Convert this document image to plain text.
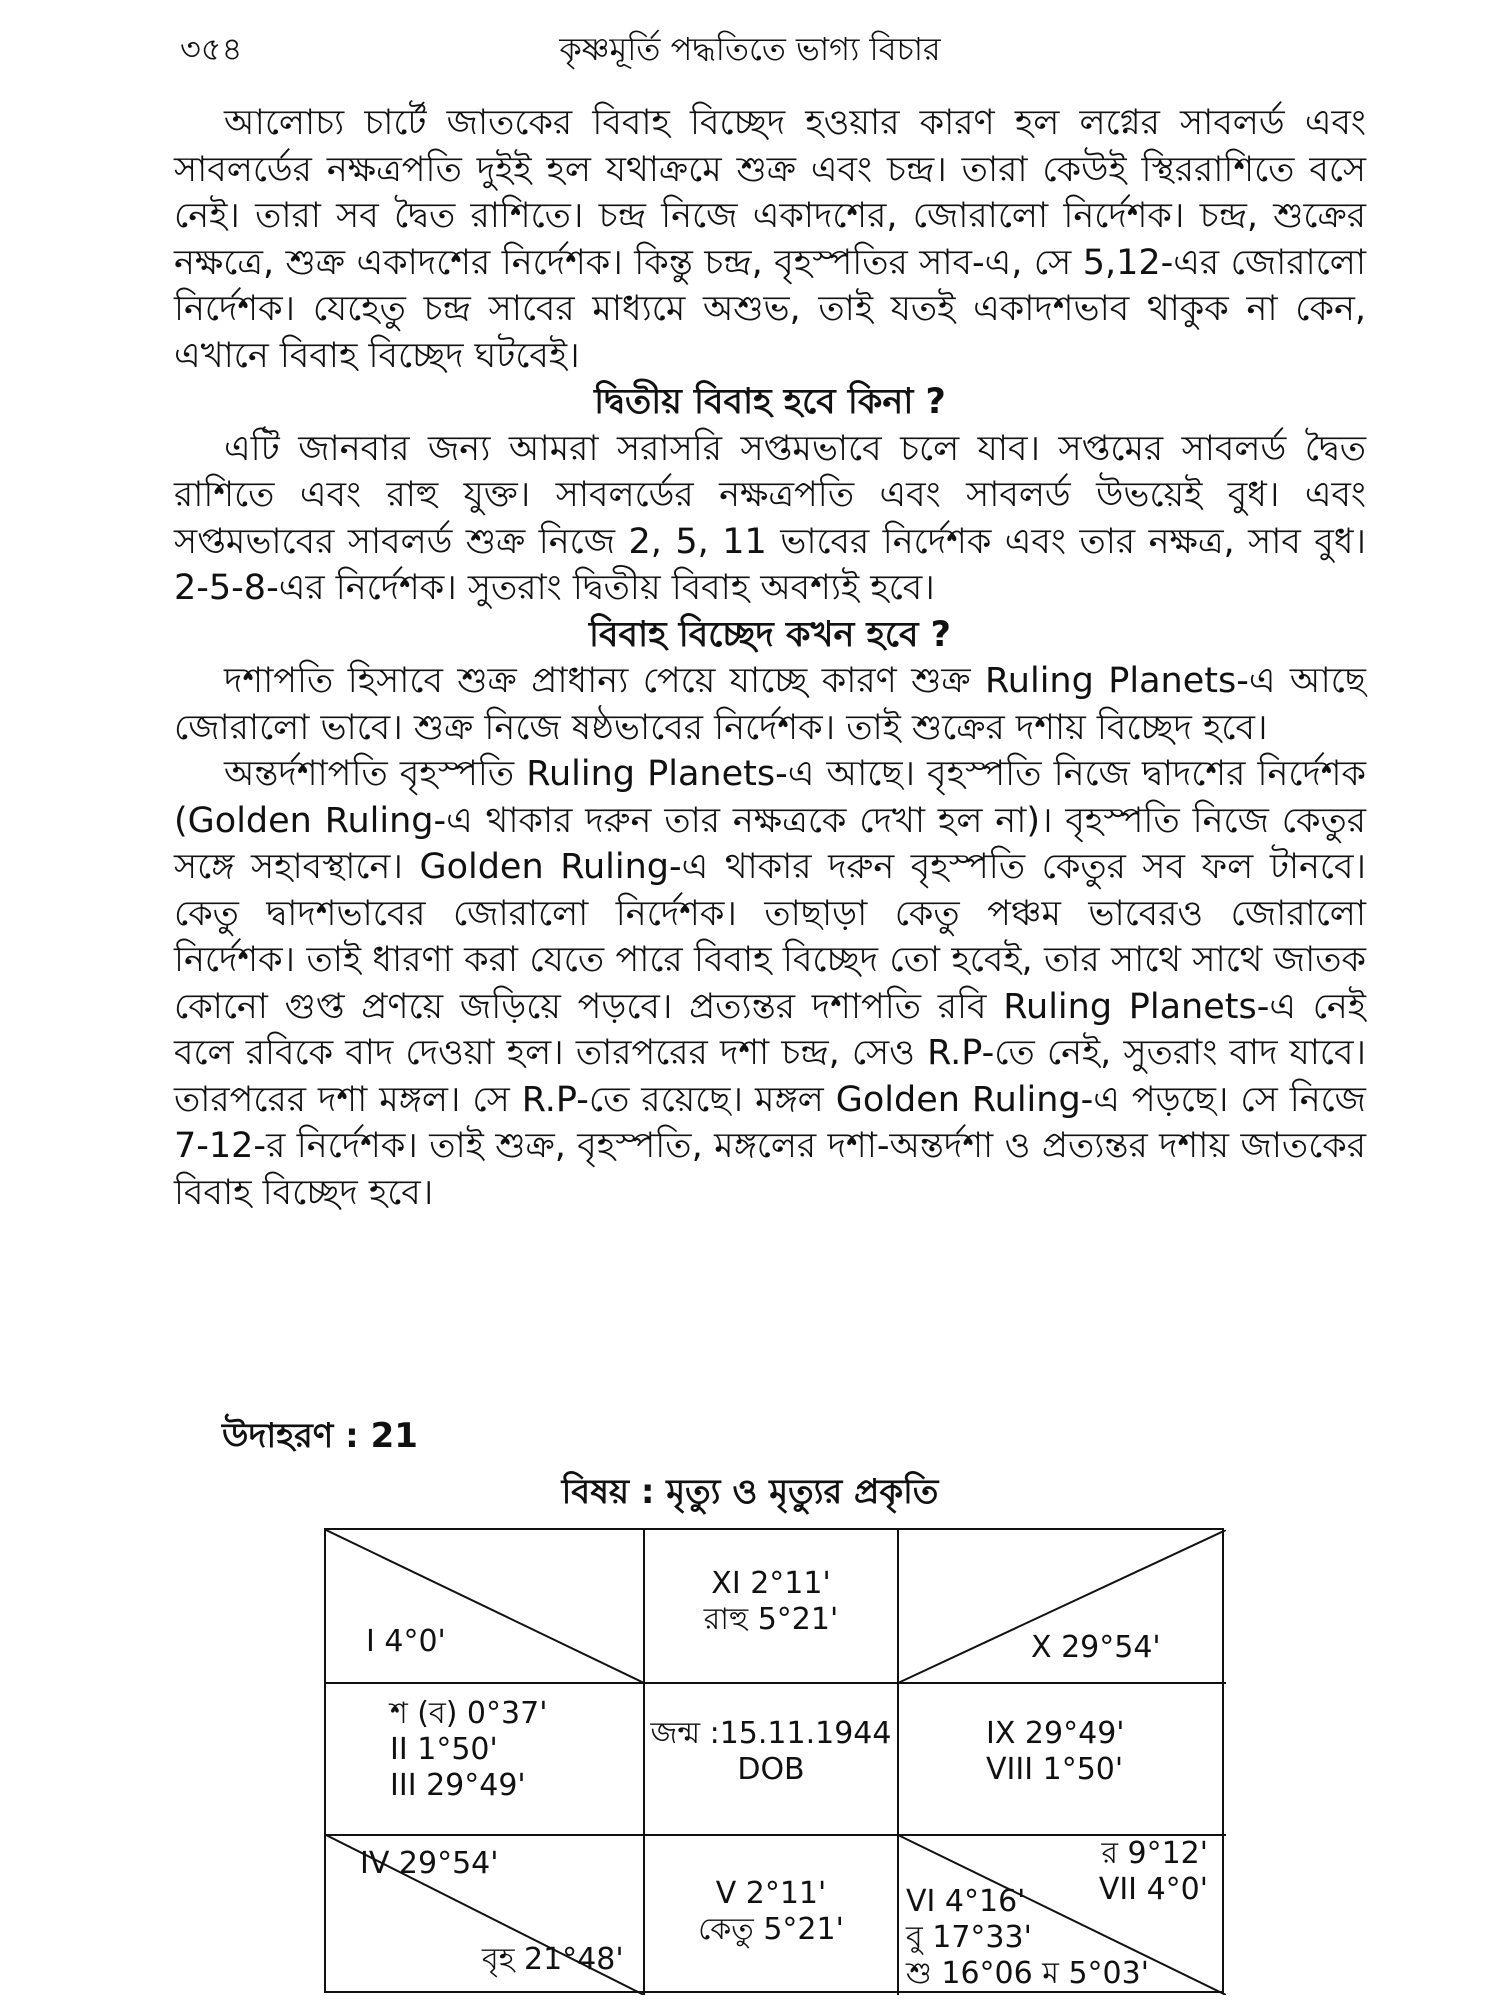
৩৫৪	কৃষ্ণমূর্তি পদ্ধতিতে ভাগ্য বিচার

আলোচ্য চার্টে জাতকের বিবাহ বিচ্ছেদ হওয়ার কারণ হল লগ্নের সাবলর্ড এবং সাবলর্ডের নক্ষত্রপতি দুইই হল যথাক্রমে শুক্র এবং চন্দ্র। তারা কেউই স্থিররাশিতে বসে নেই। তারা সব দ্বৈত রাশিতে। চন্দ্র নিজে একাদশের, জোরালো নির্দেশক। চন্দ্র, শুক্রের নক্ষত্রে, শুক্র একাদশের নির্দেশক। কিন্তু চন্দ্র, বৃহস্পতির সাব-এ, সে 5,12-এর জোরালো নির্দেশক। যেহেতু চন্দ্র সাবের মাধ্যমে অশুভ, তাই যতই একাদশভাব থাকুক না কেন, এখানে বিবাহ বিচ্ছেদ ঘটবেই।

দ্বিতীয় বিবাহ হবে কিনা ?

এটি জানবার জন্য আমরা সরাসরি সপ্তমভাবে চলে যাব। সপ্তমের সাবলর্ড দ্বৈত রাশিতে এবং রাহু যুক্ত। সাবলর্ডের নক্ষত্রপতি এবং সাবলর্ড উভয়েই বুধ। এবং সপ্তমভাবের সাবলর্ড শুক্র নিজে 2, 5, 11 ভাবের নির্দেশক এবং তার নক্ষত্র, সাব বুধ। 2-5-8-এর নির্দেশক। সুতরাং দ্বিতীয় বিবাহ অবশ্যই হবে।

বিবাহ বিচ্ছেদ কখন হবে ?

দশাপতি হিসাবে শুক্র প্রাধান্য পেয়ে যাচ্ছে কারণ শুক্র Ruling Planets-এ আছে জোরালো ভাবে। শুক্র নিজে ষষ্ঠভাবের নির্দেশক। তাই শুক্রের দশায় বিচ্ছেদ হবে।

অন্তর্দশাপতি বৃহস্পতি Ruling Planets-এ আছে। বৃহস্পতি নিজে দ্বাদশের নির্দেশক (Golden Ruling-এ থাকার দরুন তার নক্ষত্রকে দেখা হল না)। বৃহস্পতি নিজে কেতুর সঙ্গে সহাবস্থানে। Golden Ruling-এ থাকার দরুন বৃহস্পতি কেতুর সব ফল টানবে। কেতু দ্বাদশভাবের জোরালো নির্দেশক। তাছাড়া কেতু পঞ্চম ভাবেরও জোরালো নির্দেশক। তাই ধারণা করা যেতে পারে বিবাহ বিচ্ছেদ তো হবেই, তার সাথে সাথে জাতক কোনো গুপ্ত প্রণয়ে জড়িয়ে পড়বে। প্রত্যন্তর দশাপতি রবি Ruling Planets-এ নেই বলে রবিকে বাদ দেওয়া হল। তারপরের দশা চন্দ্র, সেও R.P-তে নেই, সুতরাং বাদ যাবে। তারপরের দশা মঙ্গল। সে R.P-তে রয়েছে। মঙ্গল Golden Ruling-এ পড়ছে। সে নিজে 7-12-র নির্দেশক। তাই শুক্র, বৃহস্পতি, মঙ্গলের দশা-অন্তর্দশা ও প্রত্যন্তর দশায় জাতকের বিবাহ বিচ্ছেদ হবে।

উদাহরণ : 21
বিষয় : মৃত্যু ও মৃত্যুর প্রকৃতি
I 4°0'
XI 2°11'
রাহু 5°21'
X 29°54'
শ (ব) 0°37'
II 1°50'
III 29°49'
জন্ম :15.11.1944
DOB
IX 29°49'
VIII 1°50'
IV 29°54'
বৃহ 21°48'
V 2°11'
কেতু 5°21'
র 9°12'
VII 4°0'
VI 4°16'
বু 17°33'
শু 16°06 ম 5°03'
